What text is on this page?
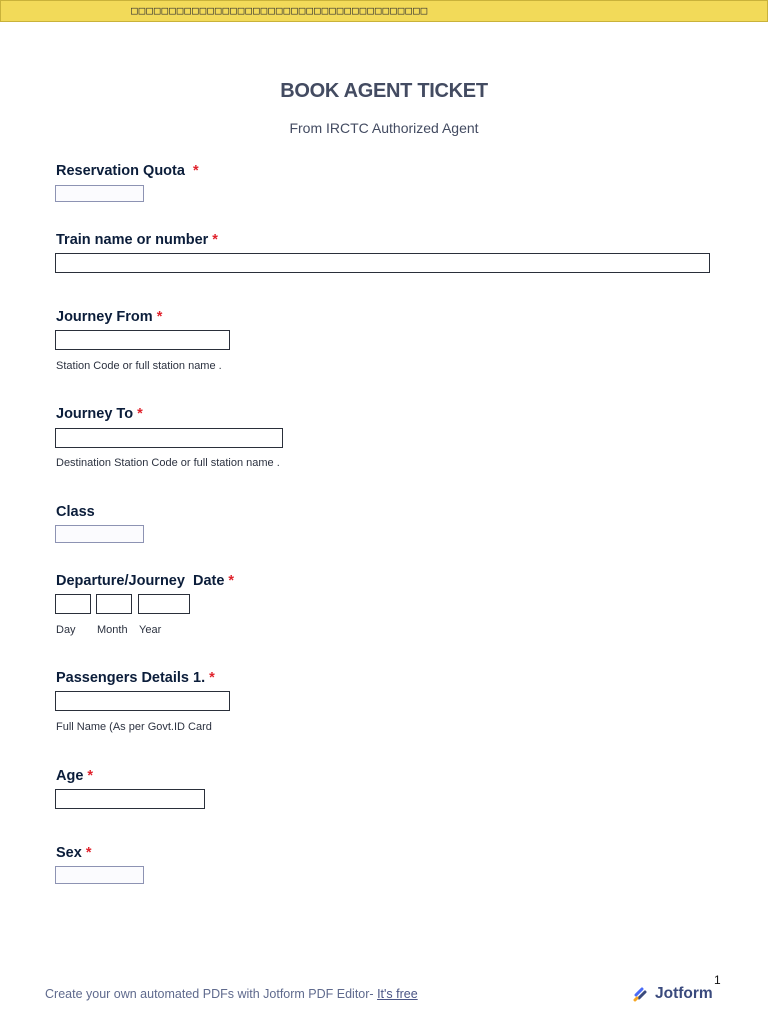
□□□□□□□□□□□□□□□□□□□□□□□□□□□□□□□□□□□□□□□
BOOK AGENT TICKET
From IRCTC Authorized Agent
Reservation Quota *
Train name or number *
Journey From *
Station Code or full station name .
Journey To *
Destination Station Code or full station name .
Class
Departure/Journey  Date *
Day Month Year
Passengers Details 1. *
Full Name (As per Govt.ID Card
Age *
Sex *
1
Create your own automated PDFs with Jotform PDF Editor- It's free	Jotform
